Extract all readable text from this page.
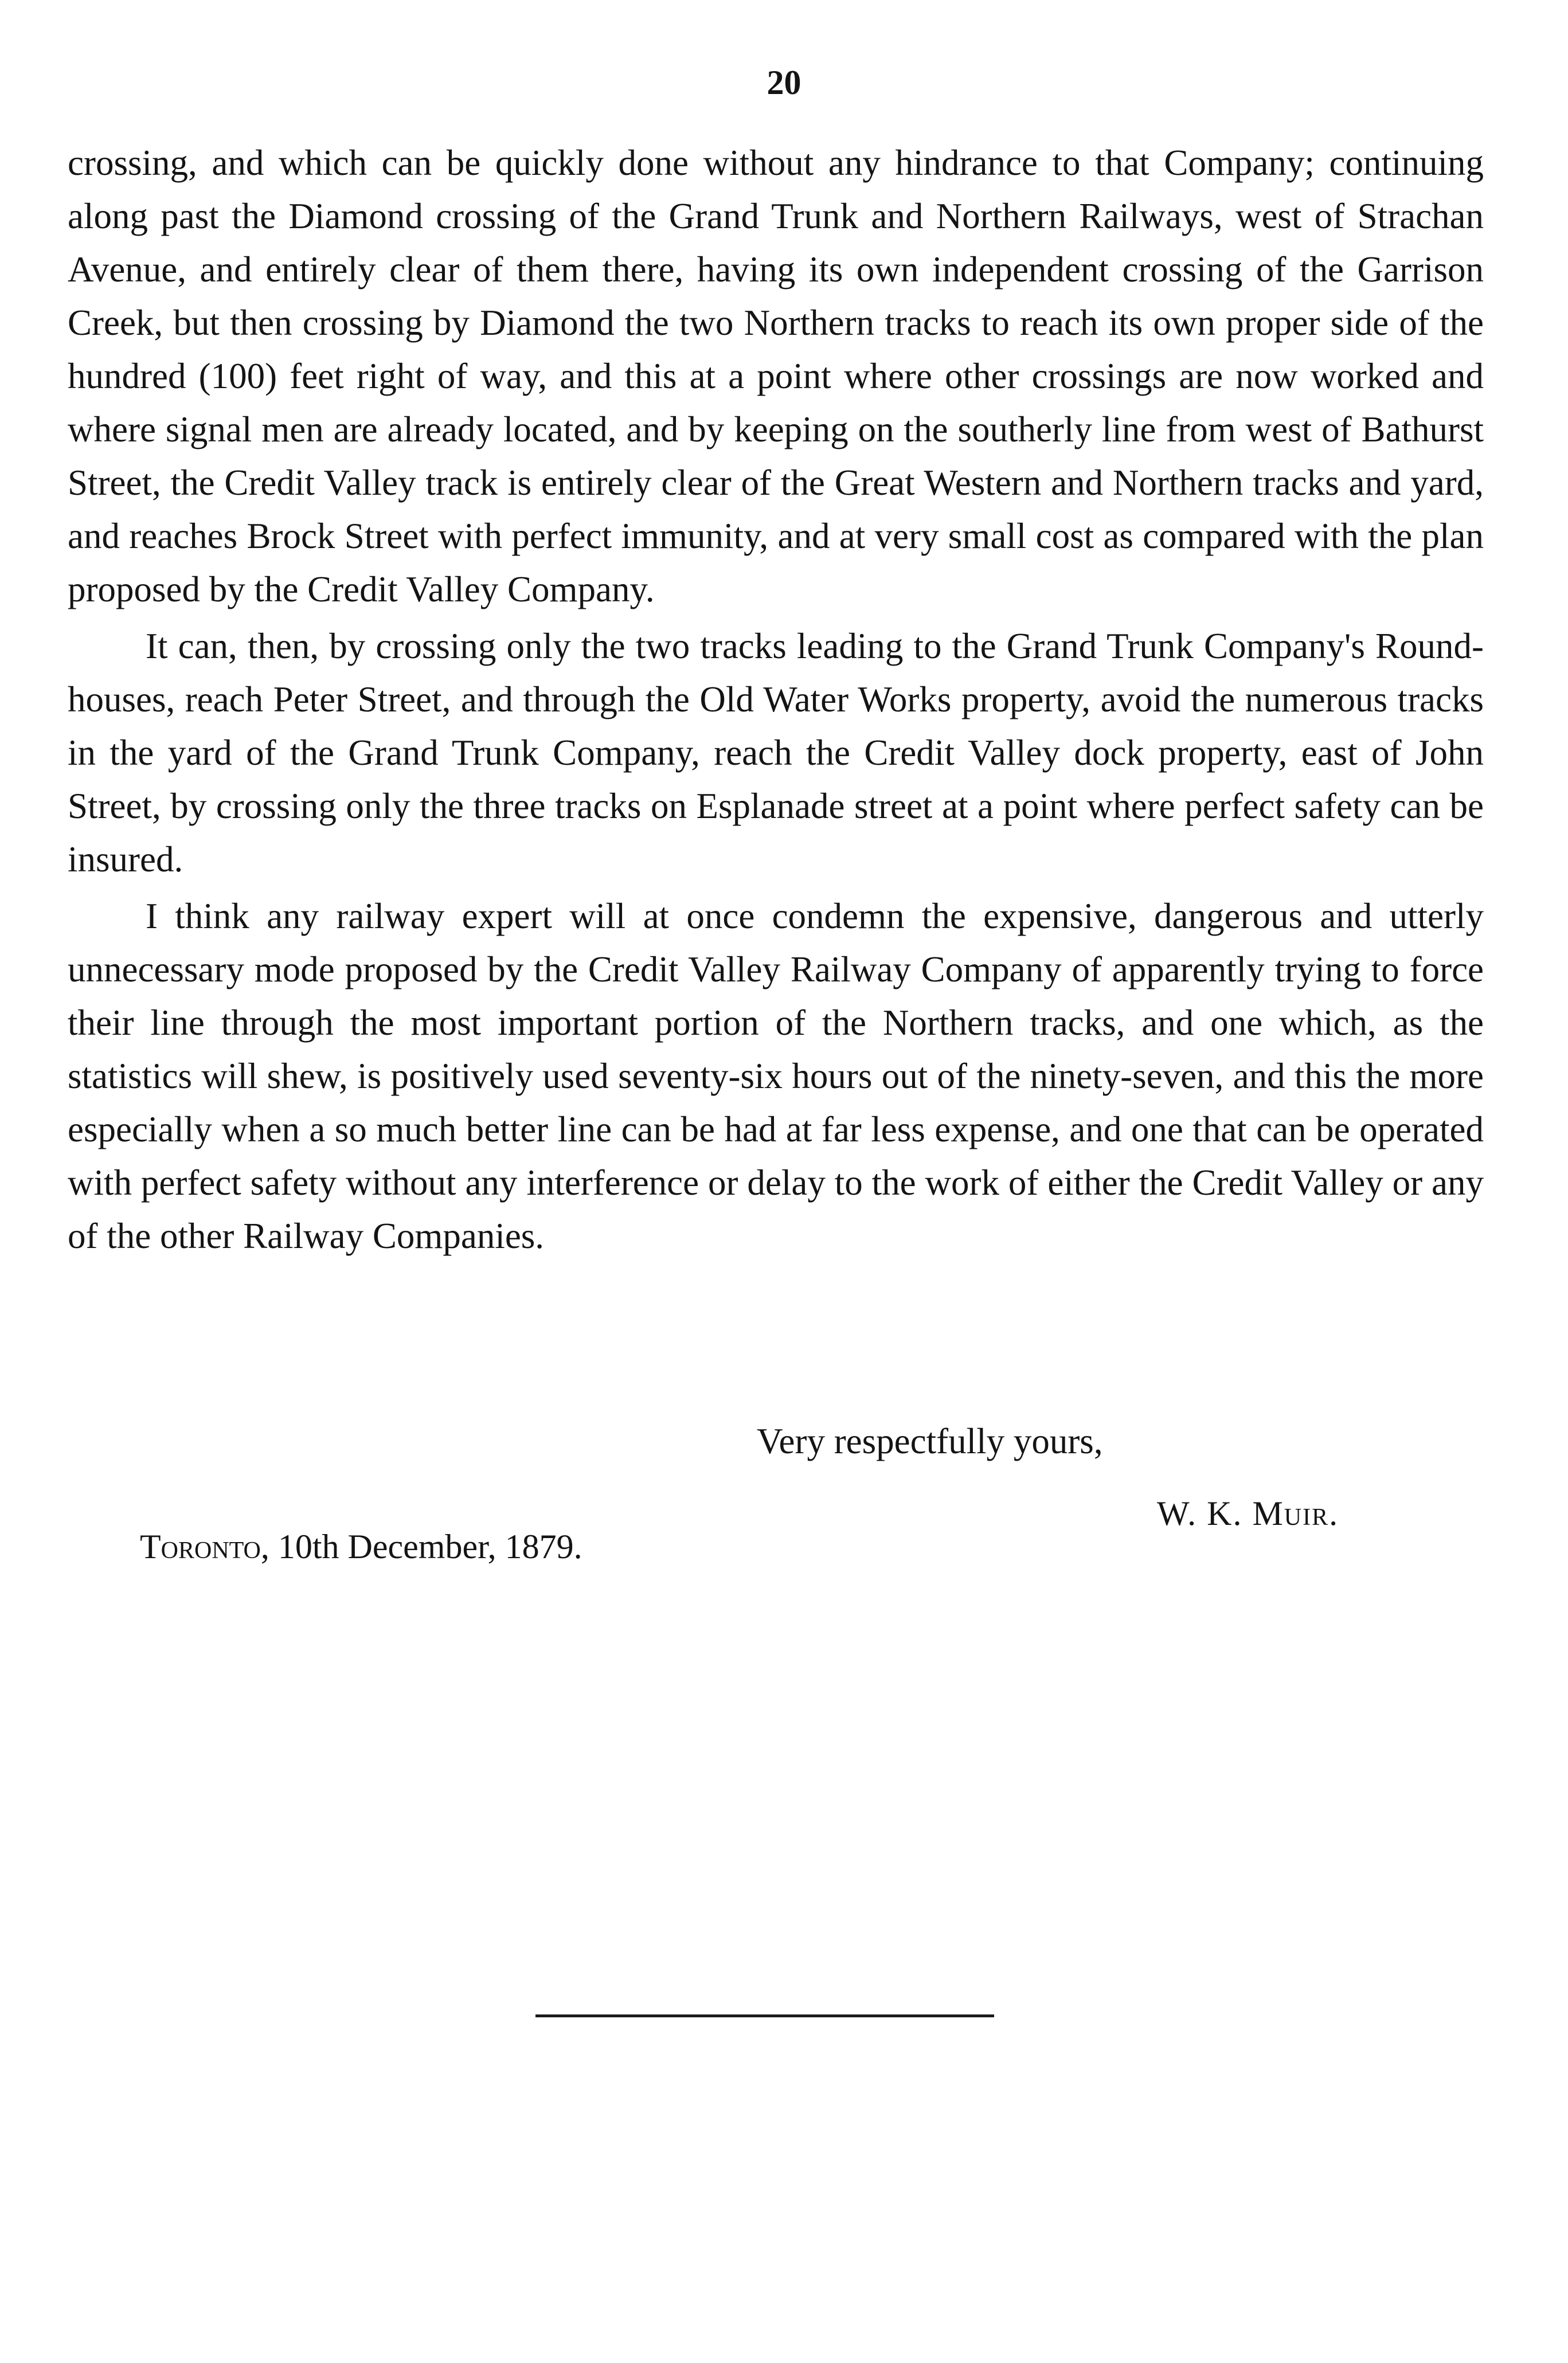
20

crossing, and which can be quickly done without any hindrance to that Company; continuing along past the Diamond crossing of the Grand Trunk and Northern Railways, west of Strachan Avenue, and entirely clear of them there, having its own independent crossing of the Garrison Creek, but then crossing by Diamond the two Northern tracks to reach its own proper side of the hundred (100) feet right of way, and this at a point where other crossings are now worked and where signal men are already located, and by keeping on the southerly line from west of Bathurst Street, the Credit Valley track is entirely clear of the Great Western and Northern tracks and yard, and reaches Brock Street with perfect immunity, and at very small cost as compared with the plan proposed by the Credit Valley Company.

It can, then, by crossing only the two tracks leading to the Grand Trunk Company's Round-houses, reach Peter Street, and through the Old Water Works property, avoid the numerous tracks in the yard of the Grand Trunk Company, reach the Credit Valley dock property, east of John Street, by crossing only the three tracks on Esplanade street at a point where perfect safety can be insured.

I think any railway expert will at once condemn the expensive, dangerous and utterly unnecessary mode proposed by the Credit Valley Railway Company of apparently trying to force their line through the most important portion of the Northern tracks, and one which, as the statistics will shew, is positively used seventy-six hours out of the ninety-seven, and this the more especially when a so much better line can be had at far less expense, and one that can be operated with perfect safety without any interference or delay to the work of either the Credit Valley or any of the other Railway Companies.

Very respectfully yours,
W. K. Muir.
Toronto, 10th December, 1879.
